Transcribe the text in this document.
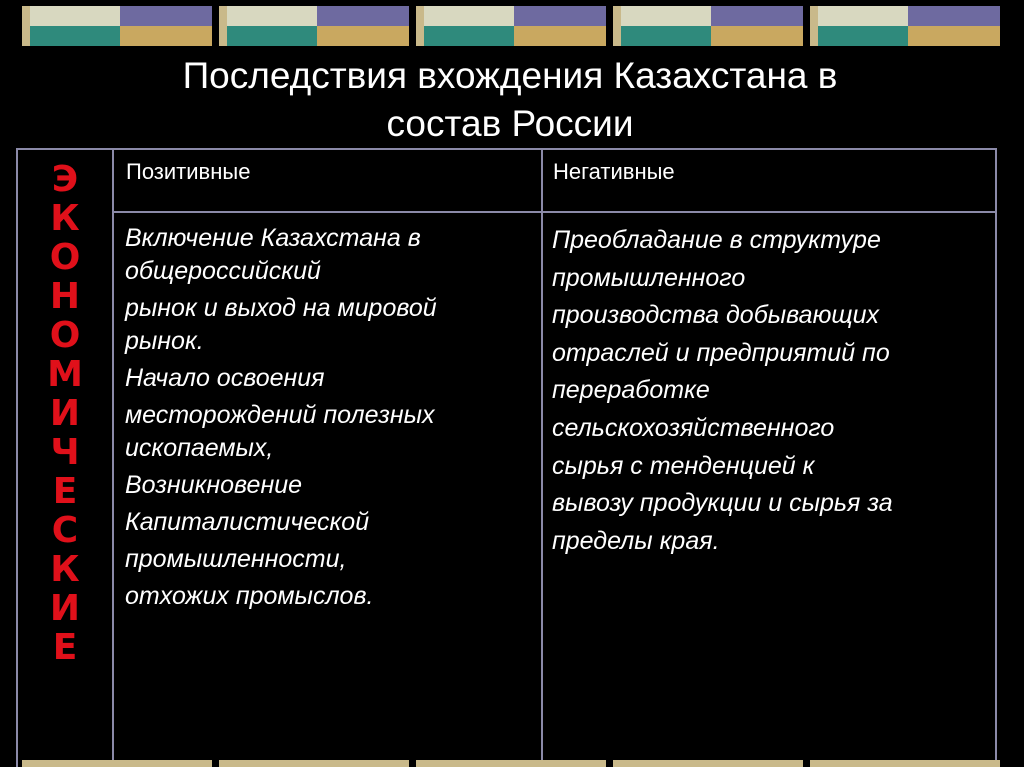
Последствия вхождения Казахстана в
состав России
Э
К
О
Н
О
М
И
Ч
Е
С
К
И
Е
Позитивные	Негативные
Включение Казахстана в
общероссийский
рынок и выход на мировой
рынок.
Начало освоения
месторождений полезных
ископаемых,
Возникновение
Капиталистической
промышленности,
отхожих промыслов.
Преобладание в структуре
промышленного
производства добывающих
отраслей и предприятий по
переработке
сельскохозяйственного
сырья с тенденцией к
вывозу продукции и сырья за
пределы края.
